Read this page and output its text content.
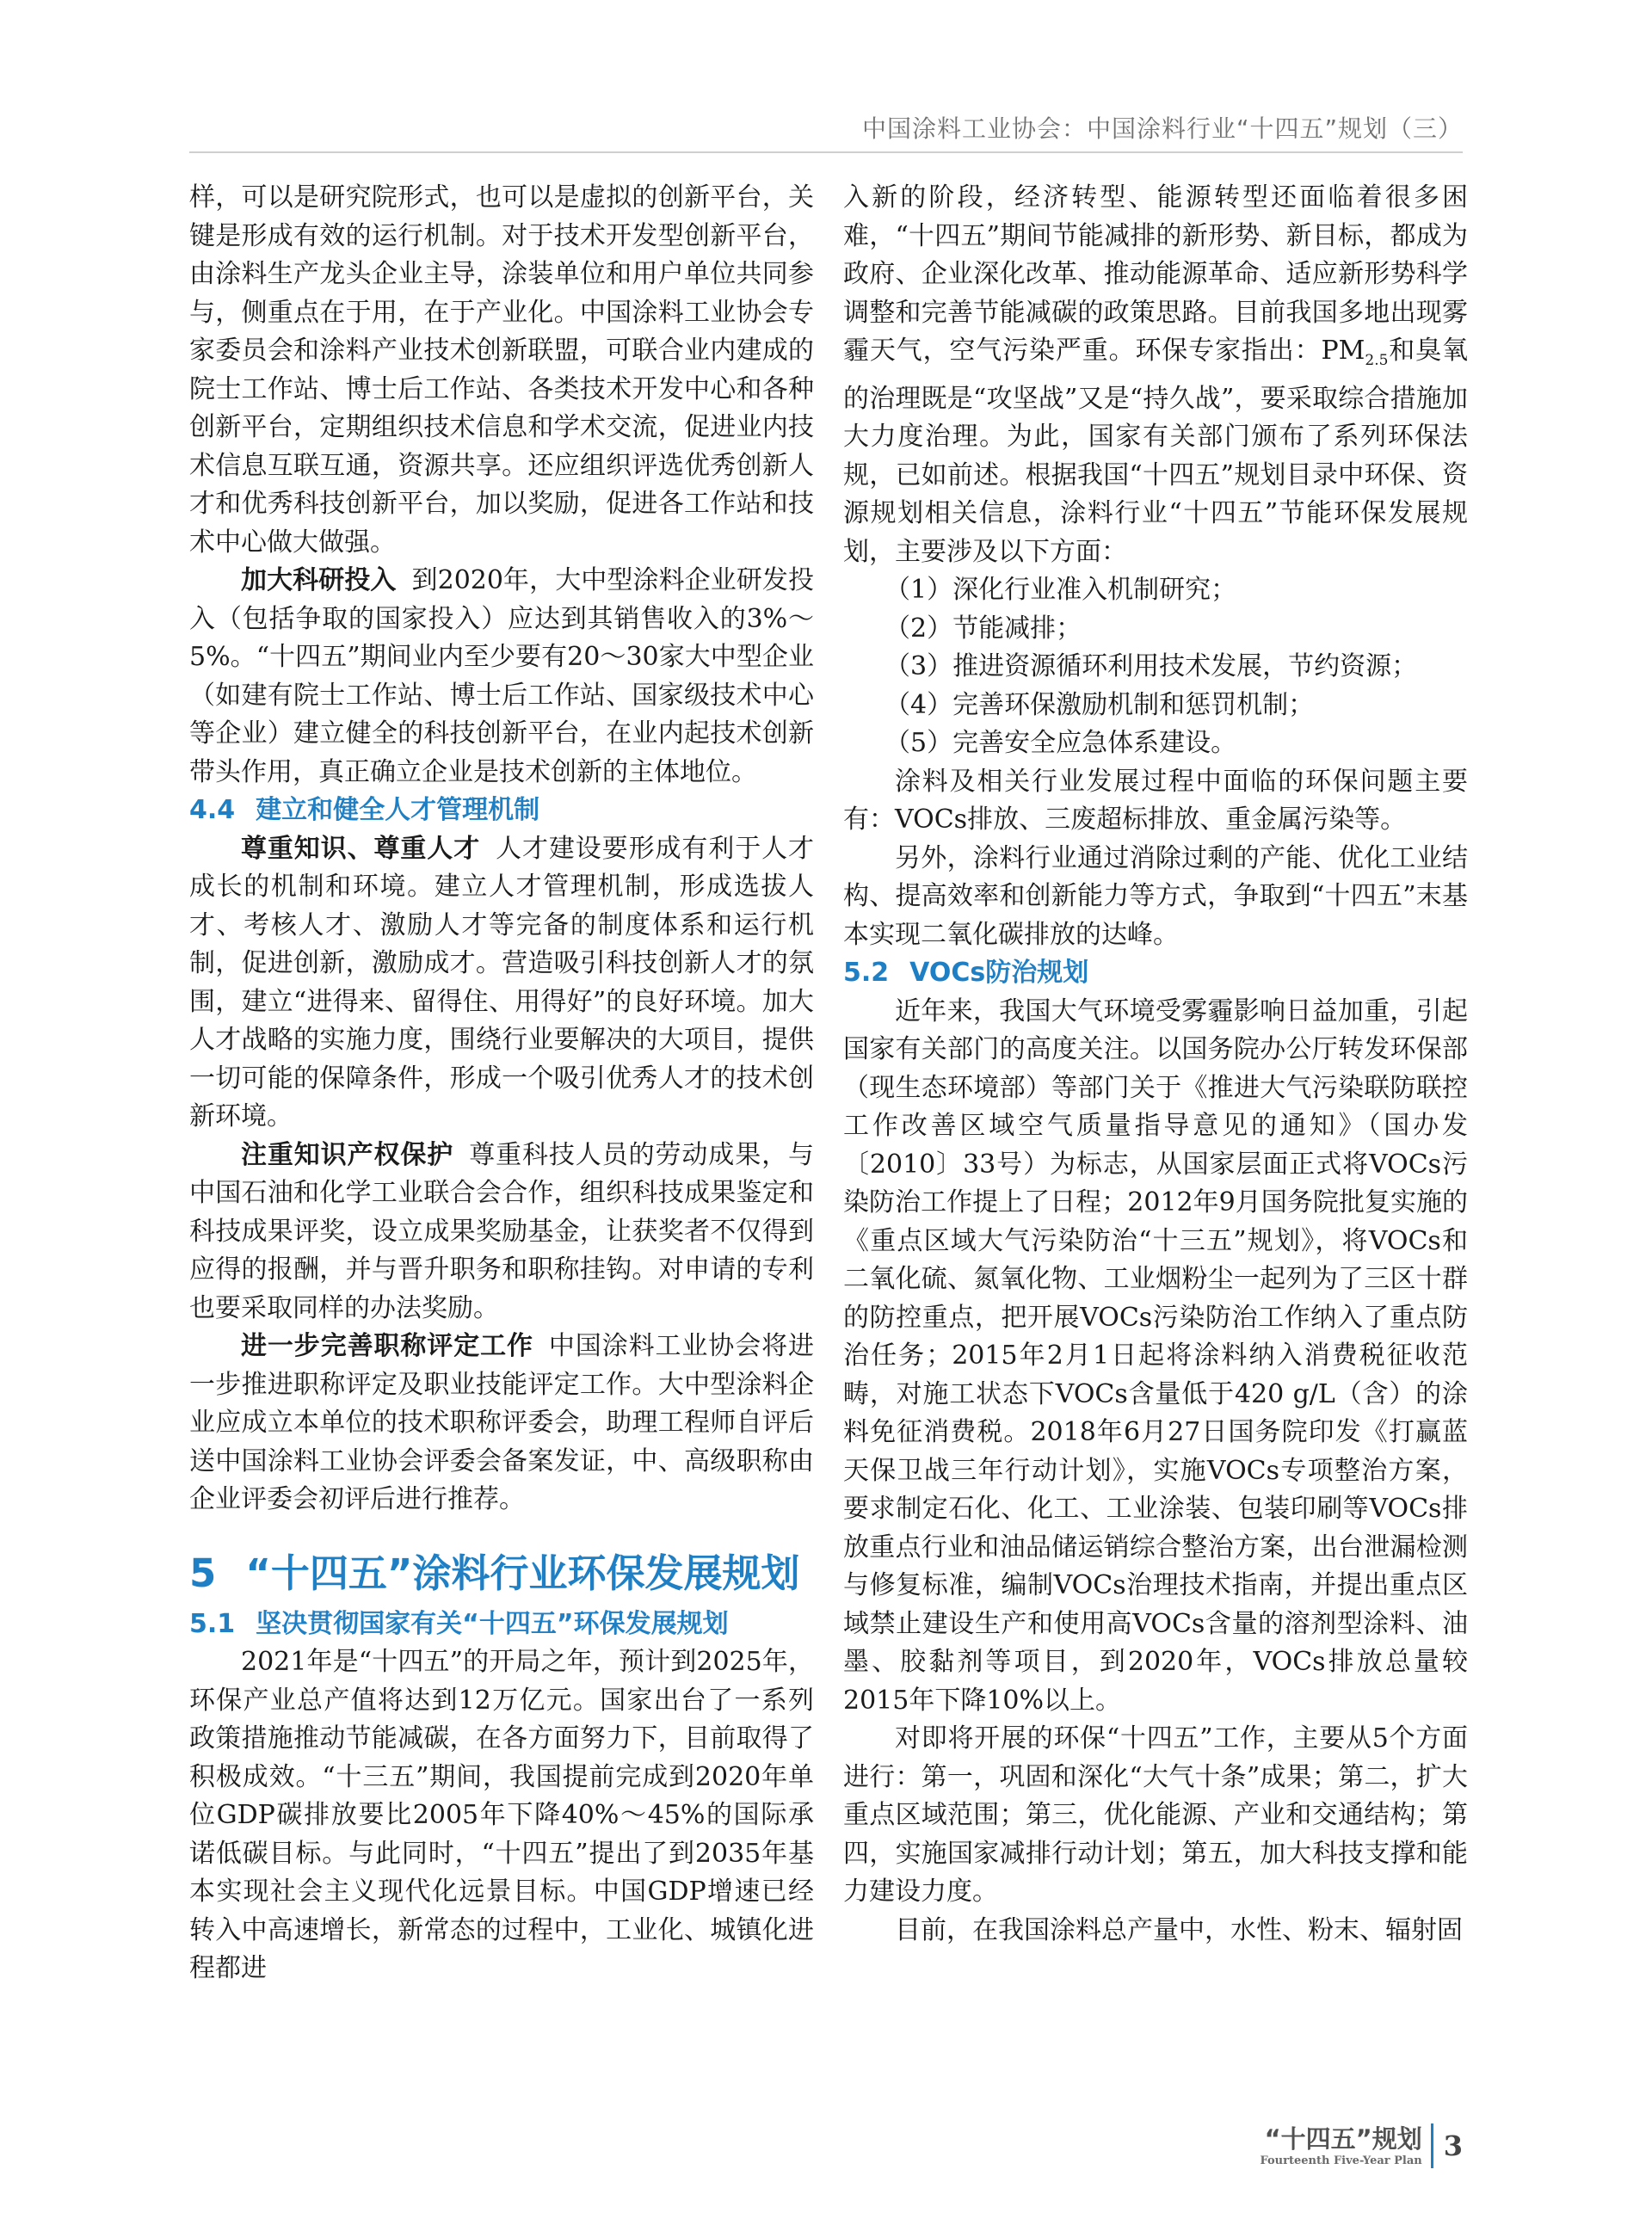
中国涂料工业协会：中国涂料行业“十四五”规划（三）

样，可以是研究院形式，也可以是虚拟的创新平台，关键是形成有效的运行机制。对于技术开发型创新平台，由涂料生产龙头企业主导，涂装单位和用户单位共同参与，侧重点在于用，在于产业化。中国涂料工业协会专家委员会和涂料产业技术创新联盟，可联合业内建成的院士工作站、博士后工作站、各类技术开发中心和各种创新平台，定期组织技术信息和学术交流，促进业内技术信息互联互通，资源共享。还应组织评选优秀创新人才和优秀科技创新平台，加以奖励，促进各工作站和技术中心做大做强。

加大科研投入 到2020年，大中型涂料企业研发投入（包括争取的国家投入）应达到其销售收入的3%～5%。“十四五”期间业内至少要有20～30家大中型企业（如建有院士工作站、博士后工作站、国家级技术中心等企业）建立健全的科技创新平台，在业内起技术创新带头作用，真正确立企业是技术创新的主体地位。

4.4 建立和健全人才管理机制

尊重知识、尊重人才 人才建设要形成有利于人才成长的机制和环境。建立人才管理机制，形成选拔人才、考核人才、激励人才等完备的制度体系和运行机制，促进创新，激励成才。营造吸引科技创新人才的氛围，建立“进得来、留得住、用得好”的良好环境。加大人才战略的实施力度，围绕行业要解决的大项目，提供一切可能的保障条件，形成一个吸引优秀人才的技术创新环境。

注重知识产权保护 尊重科技人员的劳动成果，与中国石油和化学工业联合会合作，组织科技成果鉴定和科技成果评奖，设立成果奖励基金，让获奖者不仅得到应得的报酬，并与晋升职务和职称挂钩。对申请的专利也要采取同样的办法奖励。

进一步完善职称评定工作 中国涂料工业协会将进一步推进职称评定及职业技能评定工作。大中型涂料企业应成立本单位的技术职称评委会，助理工程师自评后送中国涂料工业协会评委会备案发证，中、高级职称由企业评委会初评后进行推荐。

5 “十四五”涂料行业环保发展规划
5.1 坚决贯彻国家有关“十四五”环保发展规划

2021年是“十四五”的开局之年，预计到2025年，环保产业总产值将达到12万亿元。国家出台了一系列政策措施推动节能减碳，在各方面努力下，目前取得了积极成效。“十三五”期间，我国提前完成到2020年单位GDP碳排放要比2005年下降40%～45%的国际承诺低碳目标。与此同时，“十四五”提出了到2035年基本实现社会主义现代化远景目标。中国GDP增速已经转入中高速增长，新常态的过程中，工业化、城镇化进程都进

入新的阶段，经济转型、能源转型还面临着很多困难，“十四五”期间节能减排的新形势、新目标，都成为政府、企业深化改革、推动能源革命、适应新形势科学调整和完善节能减碳的政策思路。目前我国多地出现雾霾天气，空气污染严重。环保专家指出：$PM_{2.5}$和臭氧的治理既是“攻坚战”又是“持久战”，要采取综合措施加大力度治理。为此，国家有关部门颁布了系列环保法规，已如前述。根据我国“十四五”规划目录中环保、资源规划相关信息，涂料行业“十四五”节能环保发展规划，主要涉及以下方面：

（1）深化行业准入机制研究；

（2）节能减排；

（3）推进资源循环利用技术发展，节约资源；

（4）完善环保激励机制和惩罚机制；

（5）完善安全应急体系建设。

涂料及相关行业发展过程中面临的环保问题主要有：VOCs排放、三废超标排放、重金属污染等。

另外，涂料行业通过消除过剩的产能、优化工业结构、提高效率和创新能力等方式，争取到“十四五”末基本实现二氧化碳排放的达峰。

5.2 VOCs防治规划

近年来，我国大气环境受雾霾影响日益加重，引起国家有关部门的高度关注。以国务院办公厅转发环保部（现生态环境部）等部门关于《推进大气污染联防联控工作改善区域空气质量指导意见的通知》（国办发〔2010〕33号）为标志，从国家层面正式将VOCs污染防治工作提上了日程；2012年9月国务院批复实施的《重点区域大气污染防治“十三五”规划》，将VOCs和二氧化硫、氮氧化物、工业烟粉尘一起列为了三区十群的防控重点，把开展VOCs污染防治工作纳入了重点防治任务；2015年2月1日起将涂料纳入消费税征收范畴，对施工状态下VOCs含量低于420 g/L（含）的涂料免征消费税。2018年6月27日国务院印发《打赢蓝天保卫战三年行动计划》，实施VOCs专项整治方案，要求制定石化、化工、工业涂装、包装印刷等VOCs排放重点行业和油品储运销综合整治方案，出台泄漏检测与修复标准，编制VOCs治理技术指南，并提出重点区域禁止建设生产和使用高VOCs含量的溶剂型涂料、油墨、胶黏剂等项目，到2020年，VOCs排放总量较2015年下降10%以上。

对即将开展的环保“十四五”工作，主要从5个方面进行：第一，巩固和深化“大气十条”成果；第二，扩大重点区域范围；第三，优化能源、产业和交通结构；第四，实施国家减排行动计划；第五，加大科技支撑和能力建设力度。

目前，在我国涂料总产量中，水性、粉末、辐射固

“十四五”规划
Fourteenth Five-Year Plan 3
